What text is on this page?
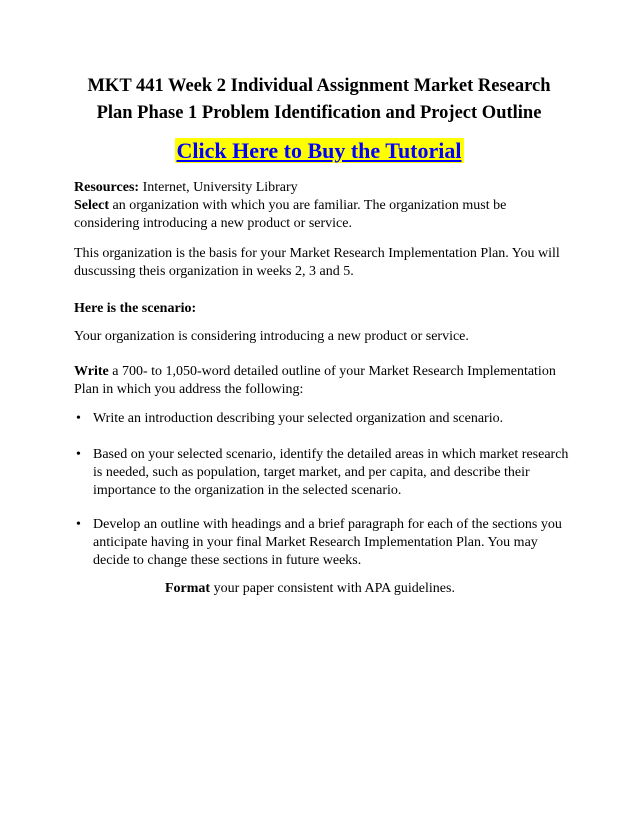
MKT 441 Week 2 Individual Assignment Market Research
Plan Phase 1 Problem Identification and Project Outline
Click Here to Buy the Tutorial

Resources: Internet, University Library

Select an organization with which you are familiar. The organization must be considering introducing a new product or service.

This organization is the basis for your Market Research Implementation Plan. You will duscussing theis organization in weeks 2, 3 and 5.

Here is the scenario:

Your organization is considering introducing a new product or service.

Write a 700- to 1,050-word detailed outline of your Market Research Implementation Plan in which you address the following:

• Write an introduction describing your selected organization and scenario.
• Based on your selected scenario, identify the detailed areas in which market research is needed, such as population, target market, and per capita, and describe their importance to the organization in the selected scenario.
• Develop an outline with headings and a brief paragraph for each of the sections you anticipate having in your final Market Research Implementation Plan. You may decide to change these sections in future weeks.
Format your paper consistent with APA guidelines.
